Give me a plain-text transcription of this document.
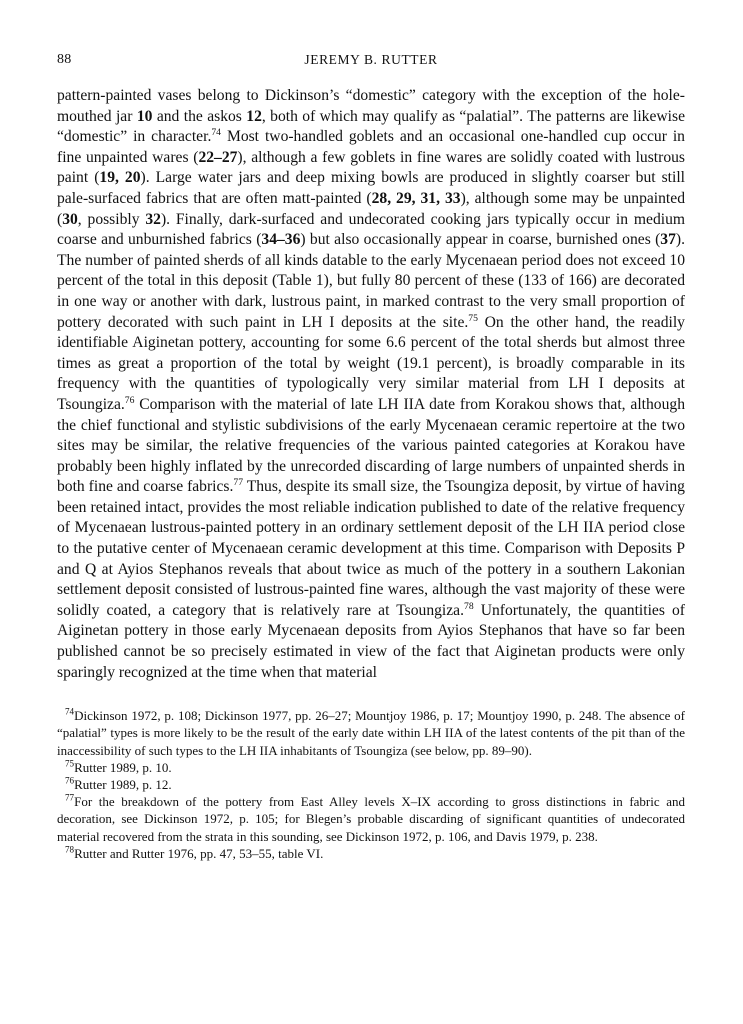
88	JEREMY B. RUTTER
pattern-painted vases belong to Dickinson’s “domestic” category with the exception of the hole-mouthed jar 10 and the askos 12, both of which may qualify as “palatial”. The patterns are likewise “domestic” in character.$^{74}$ Most two-handled goblets and an occasional one-handled cup occur in fine unpainted wares (22–27), although a few goblets in fine wares are solidly coated with lustrous paint (19, 20). Large water jars and deep mixing bowls are produced in slightly coarser but still pale-surfaced fabrics that are often matt-painted (28, 29, 31, 33), although some may be unpainted (30, possibly 32). Finally, dark-surfaced and undecorated cooking jars typically occur in medium coarse and unburnished fabrics (34–36) but also occasionally appear in coarse, burnished ones (37). The number of painted sherds of all kinds datable to the early Mycenaean period does not exceed 10 percent of the total in this deposit (Table 1), but fully 80 percent of these (133 of 166) are decorated in one way or another with dark, lustrous paint, in marked contrast to the very small proportion of pottery decorated with such paint in LH I deposits at the site.$^{75}$ On the other hand, the readily identifiable Aiginetan pottery, accounting for some 6.6 percent of the total sherds but almost three times as great a proportion of the total by weight (19.1 percent), is broadly comparable in its frequency with the quantities of typologically very similar material from LH I deposits at Tsoungiza.$^{76}$ Comparison with the material of late LH IIA date from Korakou shows that, although the chief functional and stylistic subdivisions of the early Mycenaean ceramic repertoire at the two sites may be similar, the relative frequencies of the various painted categories at Korakou have probably been highly inflated by the unrecorded discarding of large numbers of unpainted sherds in both fine and coarse fabrics.$^{77}$ Thus, despite its small size, the Tsoungiza deposit, by virtue of having been retained intact, provides the most reliable indication published to date of the relative frequency of Mycenaean lustrous-painted pottery in an ordinary settlement deposit of the LH IIA period close to the putative center of Mycenaean ceramic development at this time. Comparison with Deposits P and Q at Ayios Stephanos reveals that about twice as much of the pottery in a southern Lakonian settlement deposit consisted of lustrous-painted fine wares, although the vast majority of these were solidly coated, a category that is relatively rare at Tsoungiza.$^{78}$ Unfortunately, the quantities of Aiginetan pottery in those early Mycenaean deposits from Ayios Stephanos that have so far been published cannot be so precisely estimated in view of the fact that Aiginetan products were only sparingly recognized at the time when that material
$^{74}$Dickinson 1972, p. 108; Dickinson 1977, pp. 26–27; Mountjoy 1986, p. 17; Mountjoy 1990, p. 248. The absence of “palatial” types is more likely to be the result of the early date within LH IIA of the latest contents of the pit than of the inaccessibility of such types to the LH IIA inhabitants of Tsoungiza (see below, pp. 89–90).
$^{75}$Rutter 1989, p. 10.
$^{76}$Rutter 1989, p. 12.
$^{77}$For the breakdown of the pottery from East Alley levels X–IX according to gross distinctions in fabric and decoration, see Dickinson 1972, p. 105; for Blegen’s probable discarding of significant quantities of undecorated material recovered from the strata in this sounding, see Dickinson 1972, p. 106, and Davis 1979, p. 238.
$^{78}$Rutter and Rutter 1976, pp. 47, 53–55, table VI.
